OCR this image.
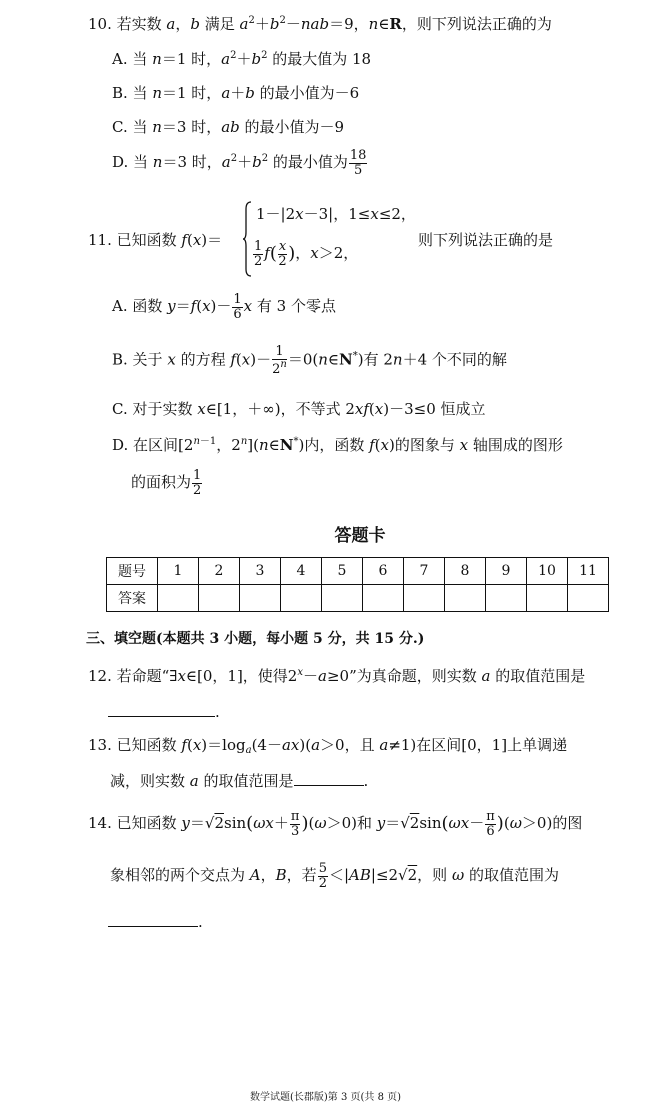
10. 若实数 a，b 满足 $a^2+b^2-nab=9$，n∈R，则下列说法正确的为
A. 当 n＝1 时，$a^2+b^2$ 的最大值为 18
B. 当 n＝1 时，a＋b 的最小值为－6
C. 当 n＝3 时，ab 的最小值为－9
D. 当 n＝3 时，$a^2+b^2$ 的最小值为 $\frac{18}{5}$
11. 已知函数 f(x)＝
1－|2x－3|，1≤x≤2，
$\frac{1}{2} f( \frac{x}{2}$ )，x＞2，
则下列说法正确的是
A. 函数 $y=f(x)- \frac{1}{6}$ x 有 3 个零点
B. 关于 x 的方程 $f(x)- \frac{1}{2^n}$ ＝0(n∈N*)有 2n＋4 个不同的解
C. 对于实数 x∈[1，＋∞)，不等式 2xf(x)－3≤0 恒成立
D. 在区间[$2^{n-1}$，2$^n$](n∈N*)内，函数 f(x)的图象与 x 轴围成的图形
的面积为 $\frac{1}{2}$
答题卡
题号	1	2	3	4	5	6	7	8	9	10	11
答案											
三、填空题(本题共 3 小题，每小题 5 分，共 15 分.)
12. 若命题“∃x∈[0，1]，使得$2^x-a\ge 0$”为真命题，则实数 a 的取值范围是
.
13. 已知函数 $f(x)=\log_a(4-ax)(a>0$，且 a≠1)在区间[0，1]上单调递
减，则实数 a 的取值范围是	.
14. 已知函数 $y=√2\sin(\omega x+ \frac{\pi}{3} )(\omega>0)$和 $y=√2\sin(\omega x- \frac{\pi}{6} )(\omega>0)$的图
象相邻的两个交点为 A，B，若 $\frac{5}{2} <|AB|\le 2√2$，则 ω 的取值范围为
.
数学试题(长郡版)第 3 页(共 8 页)
